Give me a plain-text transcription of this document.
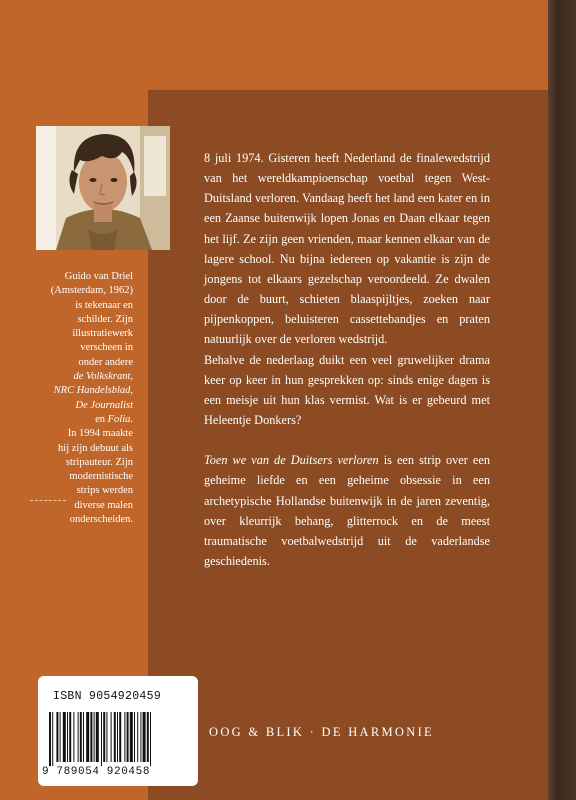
Guido van Driel
(Amsterdam, 1962)
is tekenaar en
schilder. Zijn
illustratiewerk
verscheen in
onder andere
de Volkskrant,
NRC Handelsblad,
De Journalist
en Folia.
In 1994 maakte
hij zijn debuut als
stripauteur. Zijn
modernistische
strips werden
diverse malen
onderscheiden.

8 juli 1974. Gisteren heeft Nederland de finalewedstrijd van het wereldkampioenschap voetbal tegen West-Duitsland verloren. Vandaag heeft het land een kater en in een Zaanse buitenwijk lopen Jonas en Daan elkaar tegen het lijf. Ze zijn geen vrienden, maar kennen elkaar van de lagere school. Nu bijna iedereen op vakantie is zijn de jongens tot elkaars gezelschap veroordeeld. Ze dwalen door de buurt, schieten blaaspijltjes, zoeken naar pijpenkoppen, beluisteren cassettebandjes en praten natuurlijk over de verloren wedstrijd.

Behalve de nederlaag duikt een veel gruwelijker drama keer op keer in hun gesprekken op: sinds enige dagen is een meisje uit hun klas vermist. Wat is er gebeurd met Heleentje Donkers?

Toen we van de Duitsers verloren is een strip over een geheime liefde en een geheime obsessie in een archetypische Hollandse buitenwijk in de jaren zeventig, over kleurrijk behang, glitterrock en de meest traumatische voetbalwedstrijd uit de vaderlandse geschiedenis.

OOG & BLIK · DE HARMONIE
ISBN 9054920459
9 789054 920458
